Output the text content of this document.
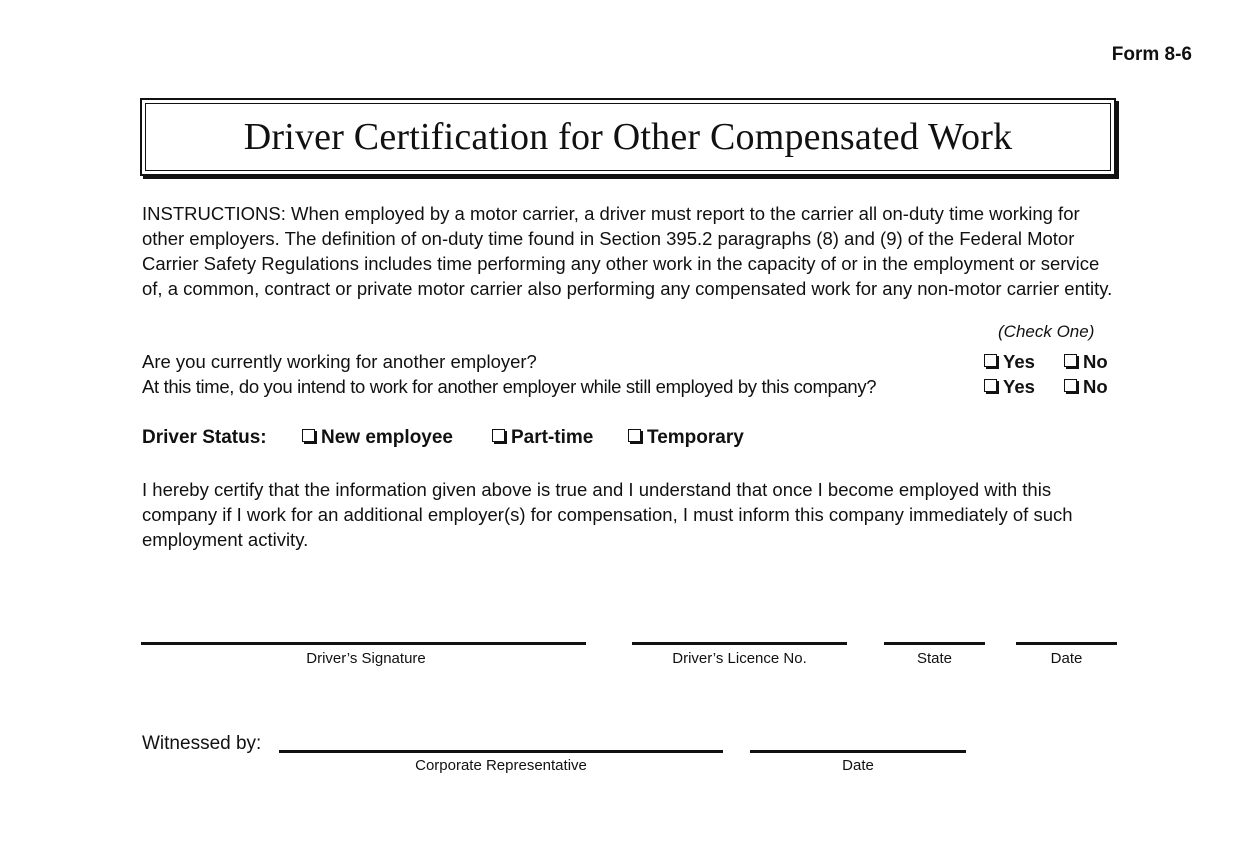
Form 8-6
Driver Certification for Other Compensated Work

INSTRUCTIONS: When employed by a motor carrier, a driver must report to the carrier all on-duty time working for other employers. The definition of on-duty time found in Section 395.2 paragraphs (8) and (9) of the Federal Motor Carrier Safety Regulations includes time performing any other work in the capacity of or in the employment or service of, a common, contract or private motor carrier also performing any compensated work for any non-motor carrier entity.

(Check One)
Are you currently working for another employer?	Yes	No
At this time, do you intend to work for another employer while still employed by this company?	Yes	No
Driver Status:	New employee	Part-time	Temporary

I hereby certify that the information given above is true and I understand that once I become employed with this company if I work for an additional employer(s) for compensation, I must inform this company immediately of such employment activity.

Driver’s Signature	Driver’s Licence No.	State	Date
Witnessed by:
Corporate Representative	Date
